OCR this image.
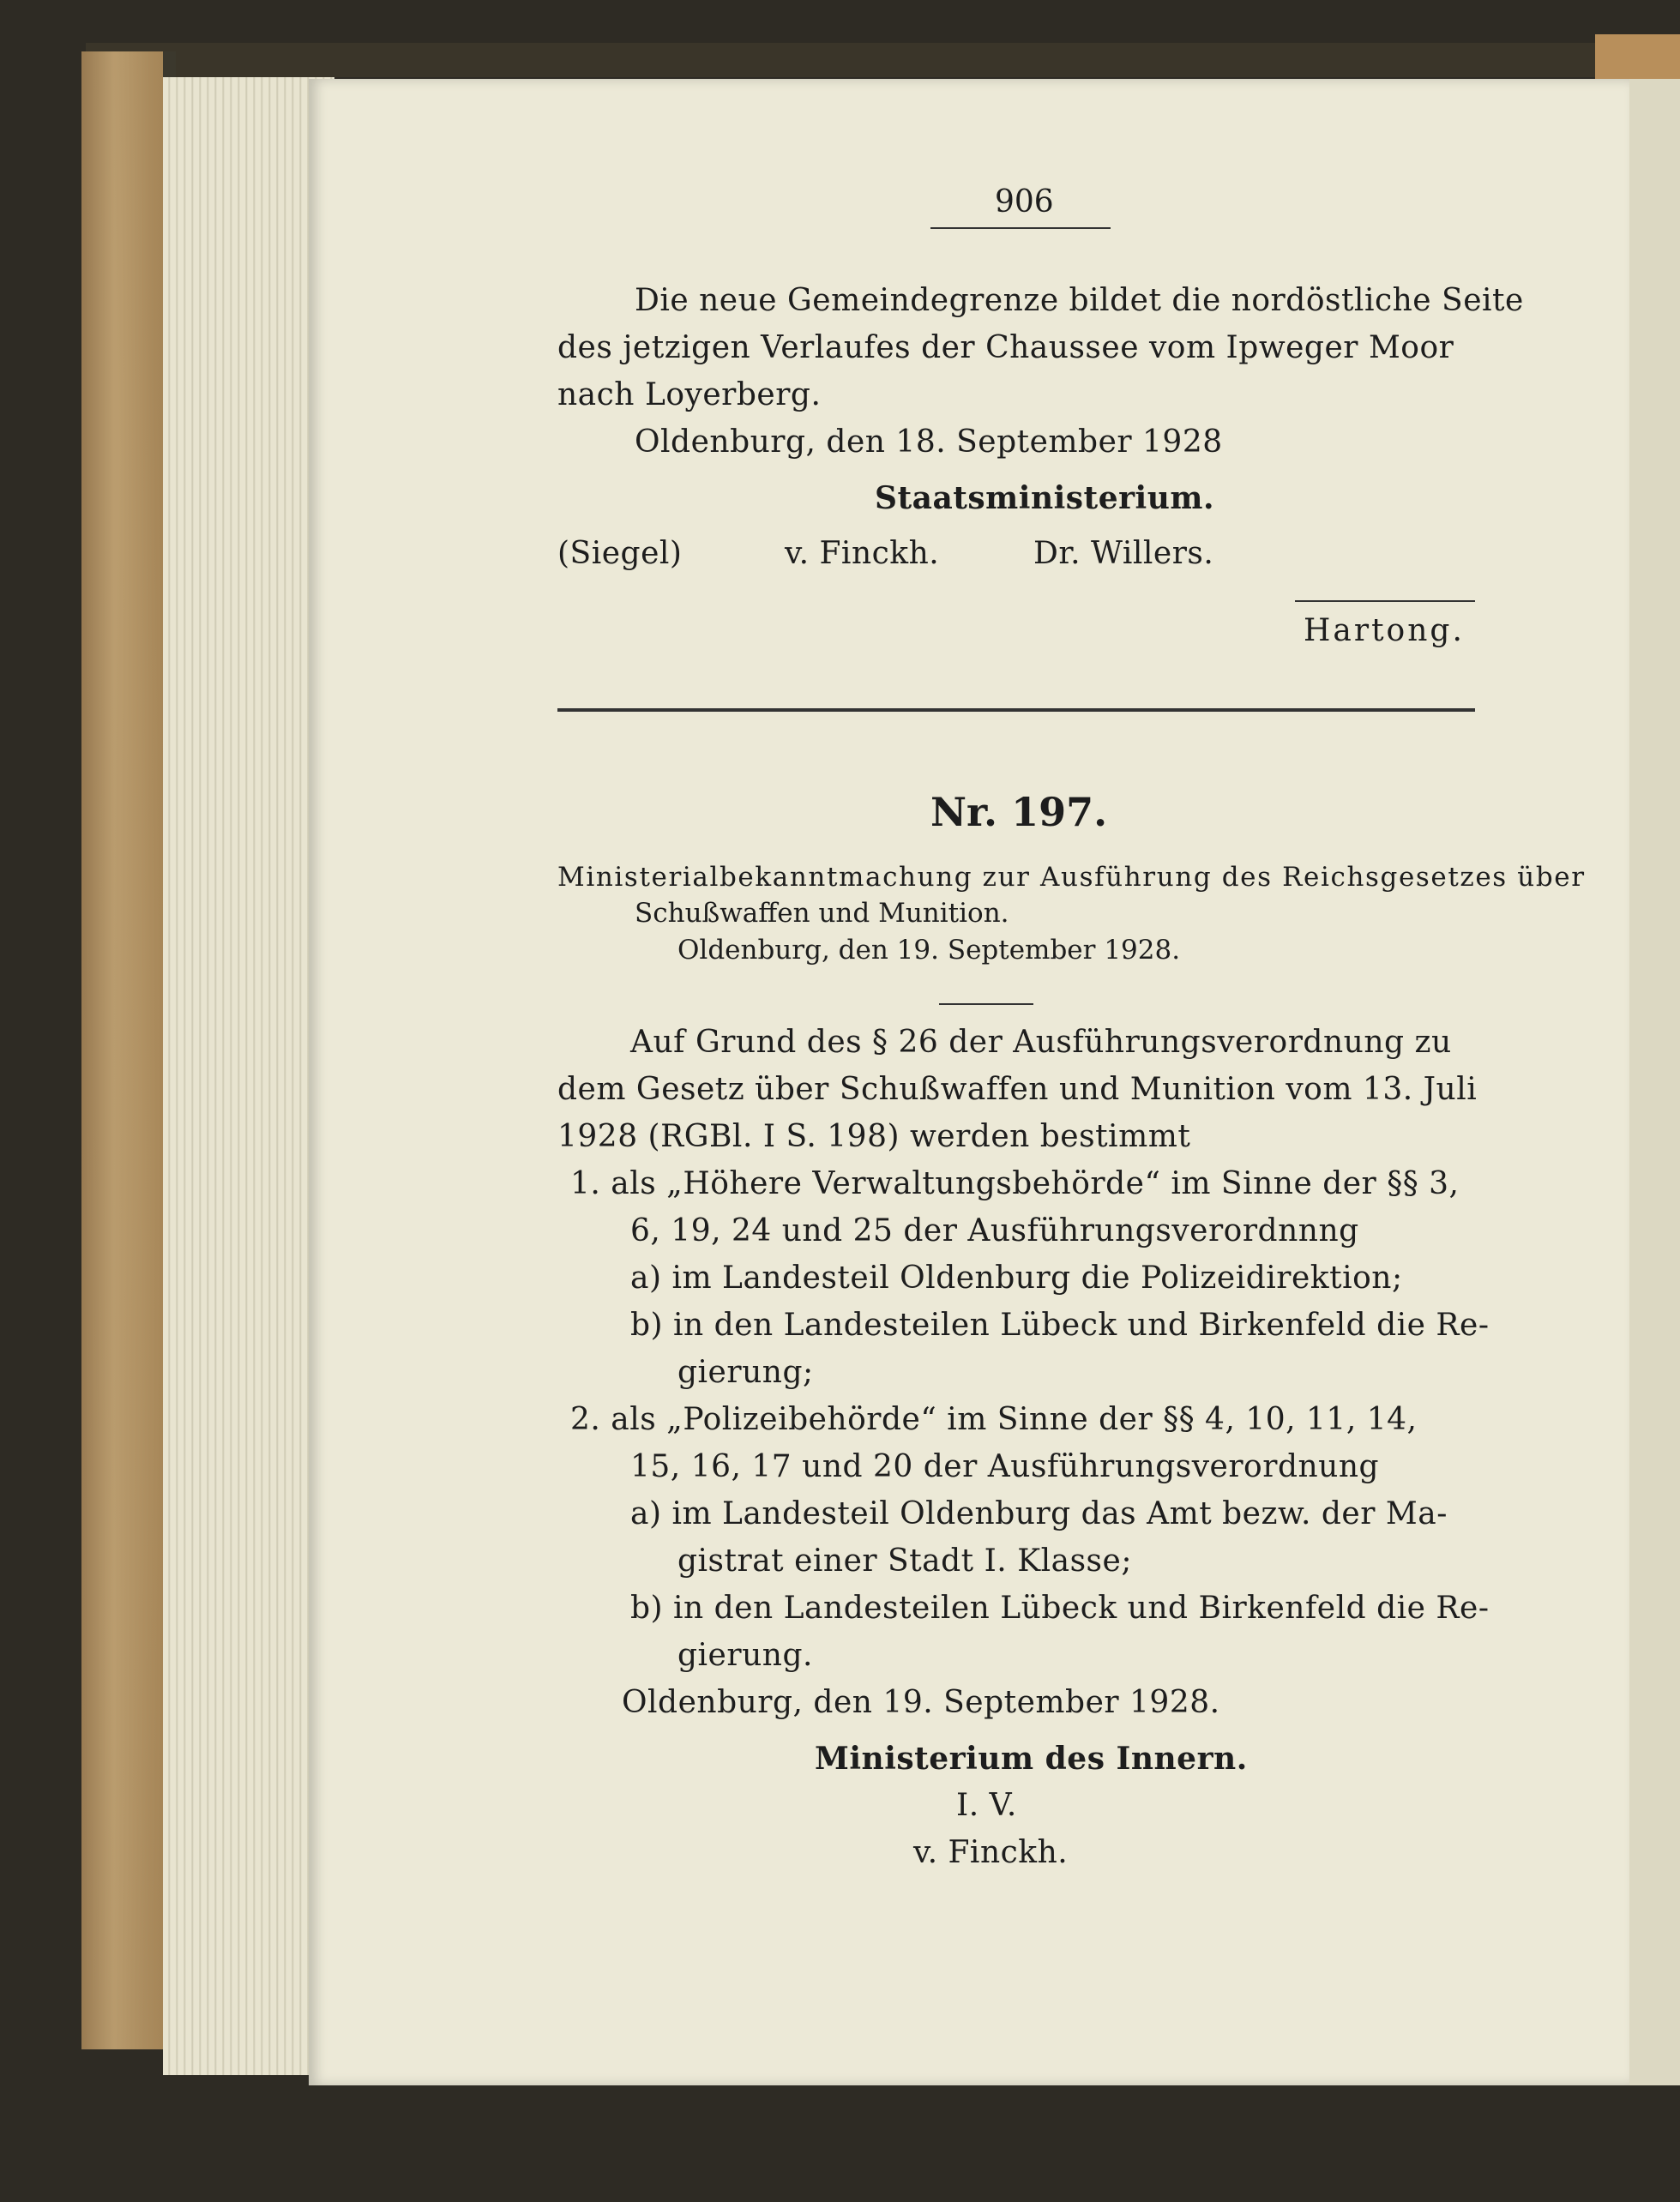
906
Die neue Gemeindegrenze bildet die nordöstliche Seite
des jetzigen Verlaufes der Chaussee vom Ipweger Moor
nach Loyerberg.
Oldenburg, den 18. September 1928
Staatsministerium.
(Siegel)	v. Finckh.	Dr. Willers.
Hartong.
Nr. 197.
Ministerialbekanntmachung zur Ausführung des Reichsgesetzes über
Schußwaffen und Munition.
Oldenburg, den 19. September 1928.
Auf Grund des § 26 der Ausführungsverordnung zu
dem Gesetz über Schußwaffen und Munition vom 13. Juli
1928 (RGBl. I S. 198) werden bestimmt
1. als „Höhere Verwaltungsbehörde“ im Sinne der §§ 3,
6, 19, 24 und 25 der Ausführungsverordnnng
a) im Landesteil Oldenburg die Polizeidirektion;
b) in den Landesteilen Lübeck und Birkenfeld die Re-
gierung;
2. als „Polizeibehörde“ im Sinne der §§ 4, 10, 11, 14,
15, 16, 17 und 20 der Ausführungsverordnung
a) im Landesteil Oldenburg das Amt bezw. der Ma-
gistrat einer Stadt I. Klasse;
b) in den Landesteilen Lübeck und Birkenfeld die Re-
gierung.
Oldenburg, den 19. September 1928.
Ministerium des Innern.
I. V.
v. Finckh.
